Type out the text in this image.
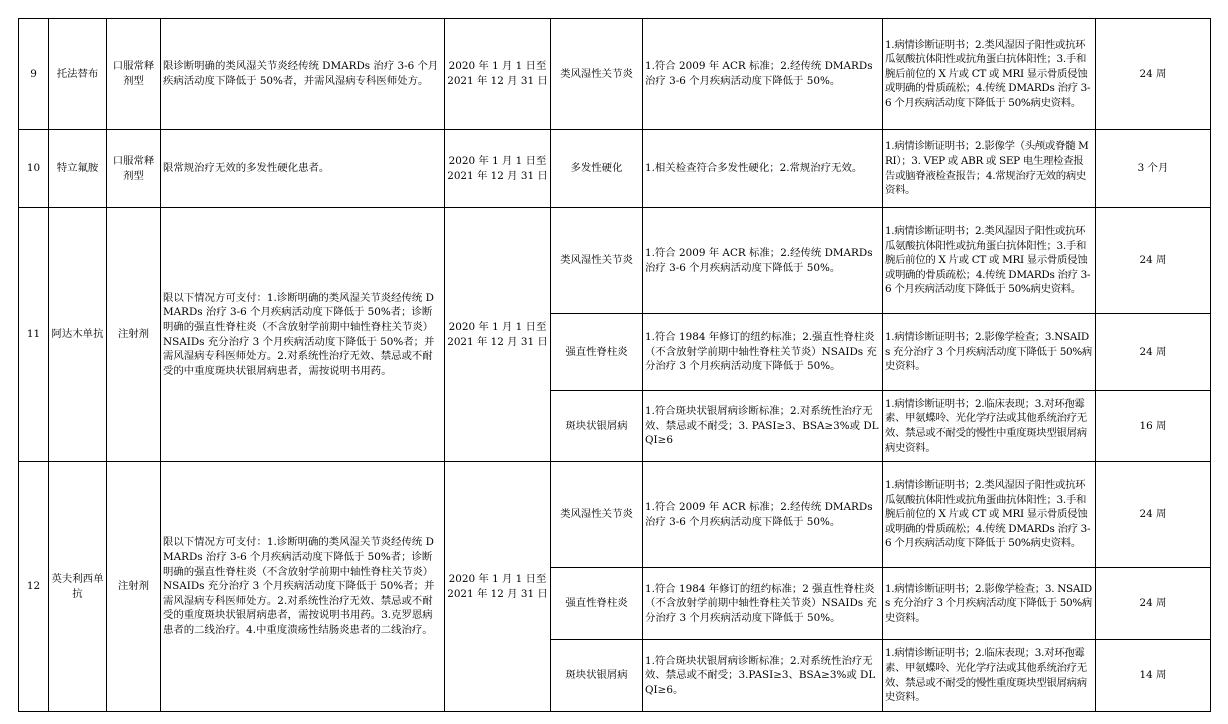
9	托法替布	口服常释剂型	限诊断明确的类风湿关节炎经传统 DMARDs 治疗 3-6 个月疾病活动度下降低于 50%者，并需风湿病专科医师处方。	2020 年 1 月 1 日至 2021 年 12 月 31 日	类风湿性关节炎	1.符合 2009 年 ACR 标准；2.经传统 DMARDs 治疗 3-6 个月疾病活动度下降低于 50%。	1.病情诊断证明书；2.类风湿因子阳性或抗环瓜氨酸抗体阳性或抗角蛋白抗体阳性；3.手和腕后前位的 X 片或 CT 或 MRI 显示骨质侵蚀或明确的骨质疏松；4.传统 DMARDs 治疗 3-6 个月疾病活动度下降低于 50%病史资料。	24 周
10	特立氟胺	口服常释剂型	限常规治疗无效的多发性硬化患者。	2020 年 1 月 1 日至 2021 年 12 月 31 日	多发性硬化	1.相关检查符合多发性硬化；2.常规治疗无效。	1.病情诊断证明书；2.影像学（头颅或脊髓 MRI）；3. VEP 或 ABR 或 SEP 电生理检查报告或脑脊液检查报告；4.常规治疗无效的病史资料。	3 个月
11	阿达木单抗	注射剂	限以下情况方可支付：1.诊断明确的类风湿关节炎经传统 DMARDs 治疗 3-6 个月疾病活动度下降低于 50%者；诊断明确的强直性脊柱炎（不含放射学前期中轴性脊柱关节炎）NSAIDs 充分治疗 3 个月疾病活动度下降低于 50%者；并需风湿病专科医师处方。2.对系统性治疗无效、禁忌或不耐受的中重度斑块状银屑病患者，需按说明书用药。	2020 年 1 月 1 日至 2021 年 12 月 31 日	类风湿性关节炎	1.符合 2009 年 ACR 标准；2.经传统 DMARDs 治疗 3-6 个月疾病活动度下降低于 50%。	1.病情诊断证明书；2.类风湿因子阳性或抗环瓜氨酸抗体阳性或抗角蛋白抗体阳性；3.手和腕后前位的 X 片或 CT 或 MRI 显示骨质侵蚀或明确的骨质疏松；4.传统 DMARDs 治疗 3-6 个月疾病活动度下降低于 50%病史资料。	24 周
					强直性脊柱炎	1.符合 1984 年修订的纽约标准；2.强直性脊柱炎（不含放射学前期中轴性脊柱关节炎）NSAIDs 充分治疗 3 个月疾病活动度下降低于 50%。	1.病情诊断证明书；2.影像学检查；3.NSAIDs 充分治疗 3 个月疾病活动度下降低于 50%病史资料。	24 周
					斑块状银屑病	1.符合斑块状银屑病诊断标准；2.对系统性治疗无效、禁忌或不耐受；3. PASI≥3、BSA≥3%或 DLQI≥6	1.病情诊断证明书；2.临床表现；3.对环孢霉素、甲氨蝶呤、光化学疗法或其他系统治疗无效、禁忌或不耐受的慢性中重度斑块型银屑病病史资料。	16 周
12	英夫利西单抗	注射剂	限以下情况方可支付：1.诊断明确的类风湿关节炎经传统 DMARDs 治疗 3-6 个月疾病活动度下降低于 50%者；诊断明确的强直性脊柱炎（不含放射学前期中轴性脊柱关节炎）NSAIDs 充分治疗 3 个月疾病活动度下降低于 50%者；并需风湿病专科医师处方。2.对系统性治疗无效、禁忌或不耐受的重度斑块状银屑病患者，需按说明书用药。3.克罗恩病患者的二线治疗。4.中重度溃疡性结肠炎患者的二线治疗。	2020 年 1 月 1 日至 2021 年 12 月 31 日	类风湿性关节炎	1.符合 2009 年 ACR 标准；2.经传统 DMARDs 治疗 3-6 个月疾病活动度下降低于 50%。	1.病情诊断证明书；2.类风湿因子阳性或抗环瓜氨酸抗体阳性或抗角蛋曲抗体阳性；3.手和腕后前位的 X 片或 CT 或 MRI 显示骨质侵蚀或明确的骨质疏松；4.传统 DMARDs 治疗 3-6 个月疾病活动度下降低于 50%病史资料。	24 周
					强直性脊柱炎	1.符合 1984 年修订的纽约标准；2 强直性脊柱炎（不含放射学前期中轴性脊柱关节炎）NSAIDs 充分治疗 3 个月疾病活动度下降低于 50%。	1.病情诊断证明书；2.影像学检查；3. NSAIDs 充分治疗 3 个月疾病活动度下降低于 50%病史资料。	24 周
					斑块状银屑病	1.符合斑块状银屑病诊断标准；2.对系统性治疗无效、禁忌或不耐受；3.PASI≥3、BSA≥3%或 DLQI≥6。	1.病情诊断证明书；2.临床表现；3.对环孢霉素、甲氨蝶呤、光化学疗法或其他系统治疗无效、禁忌或不耐受的慢性重度斑块型银屑病病史资料。	14 周
